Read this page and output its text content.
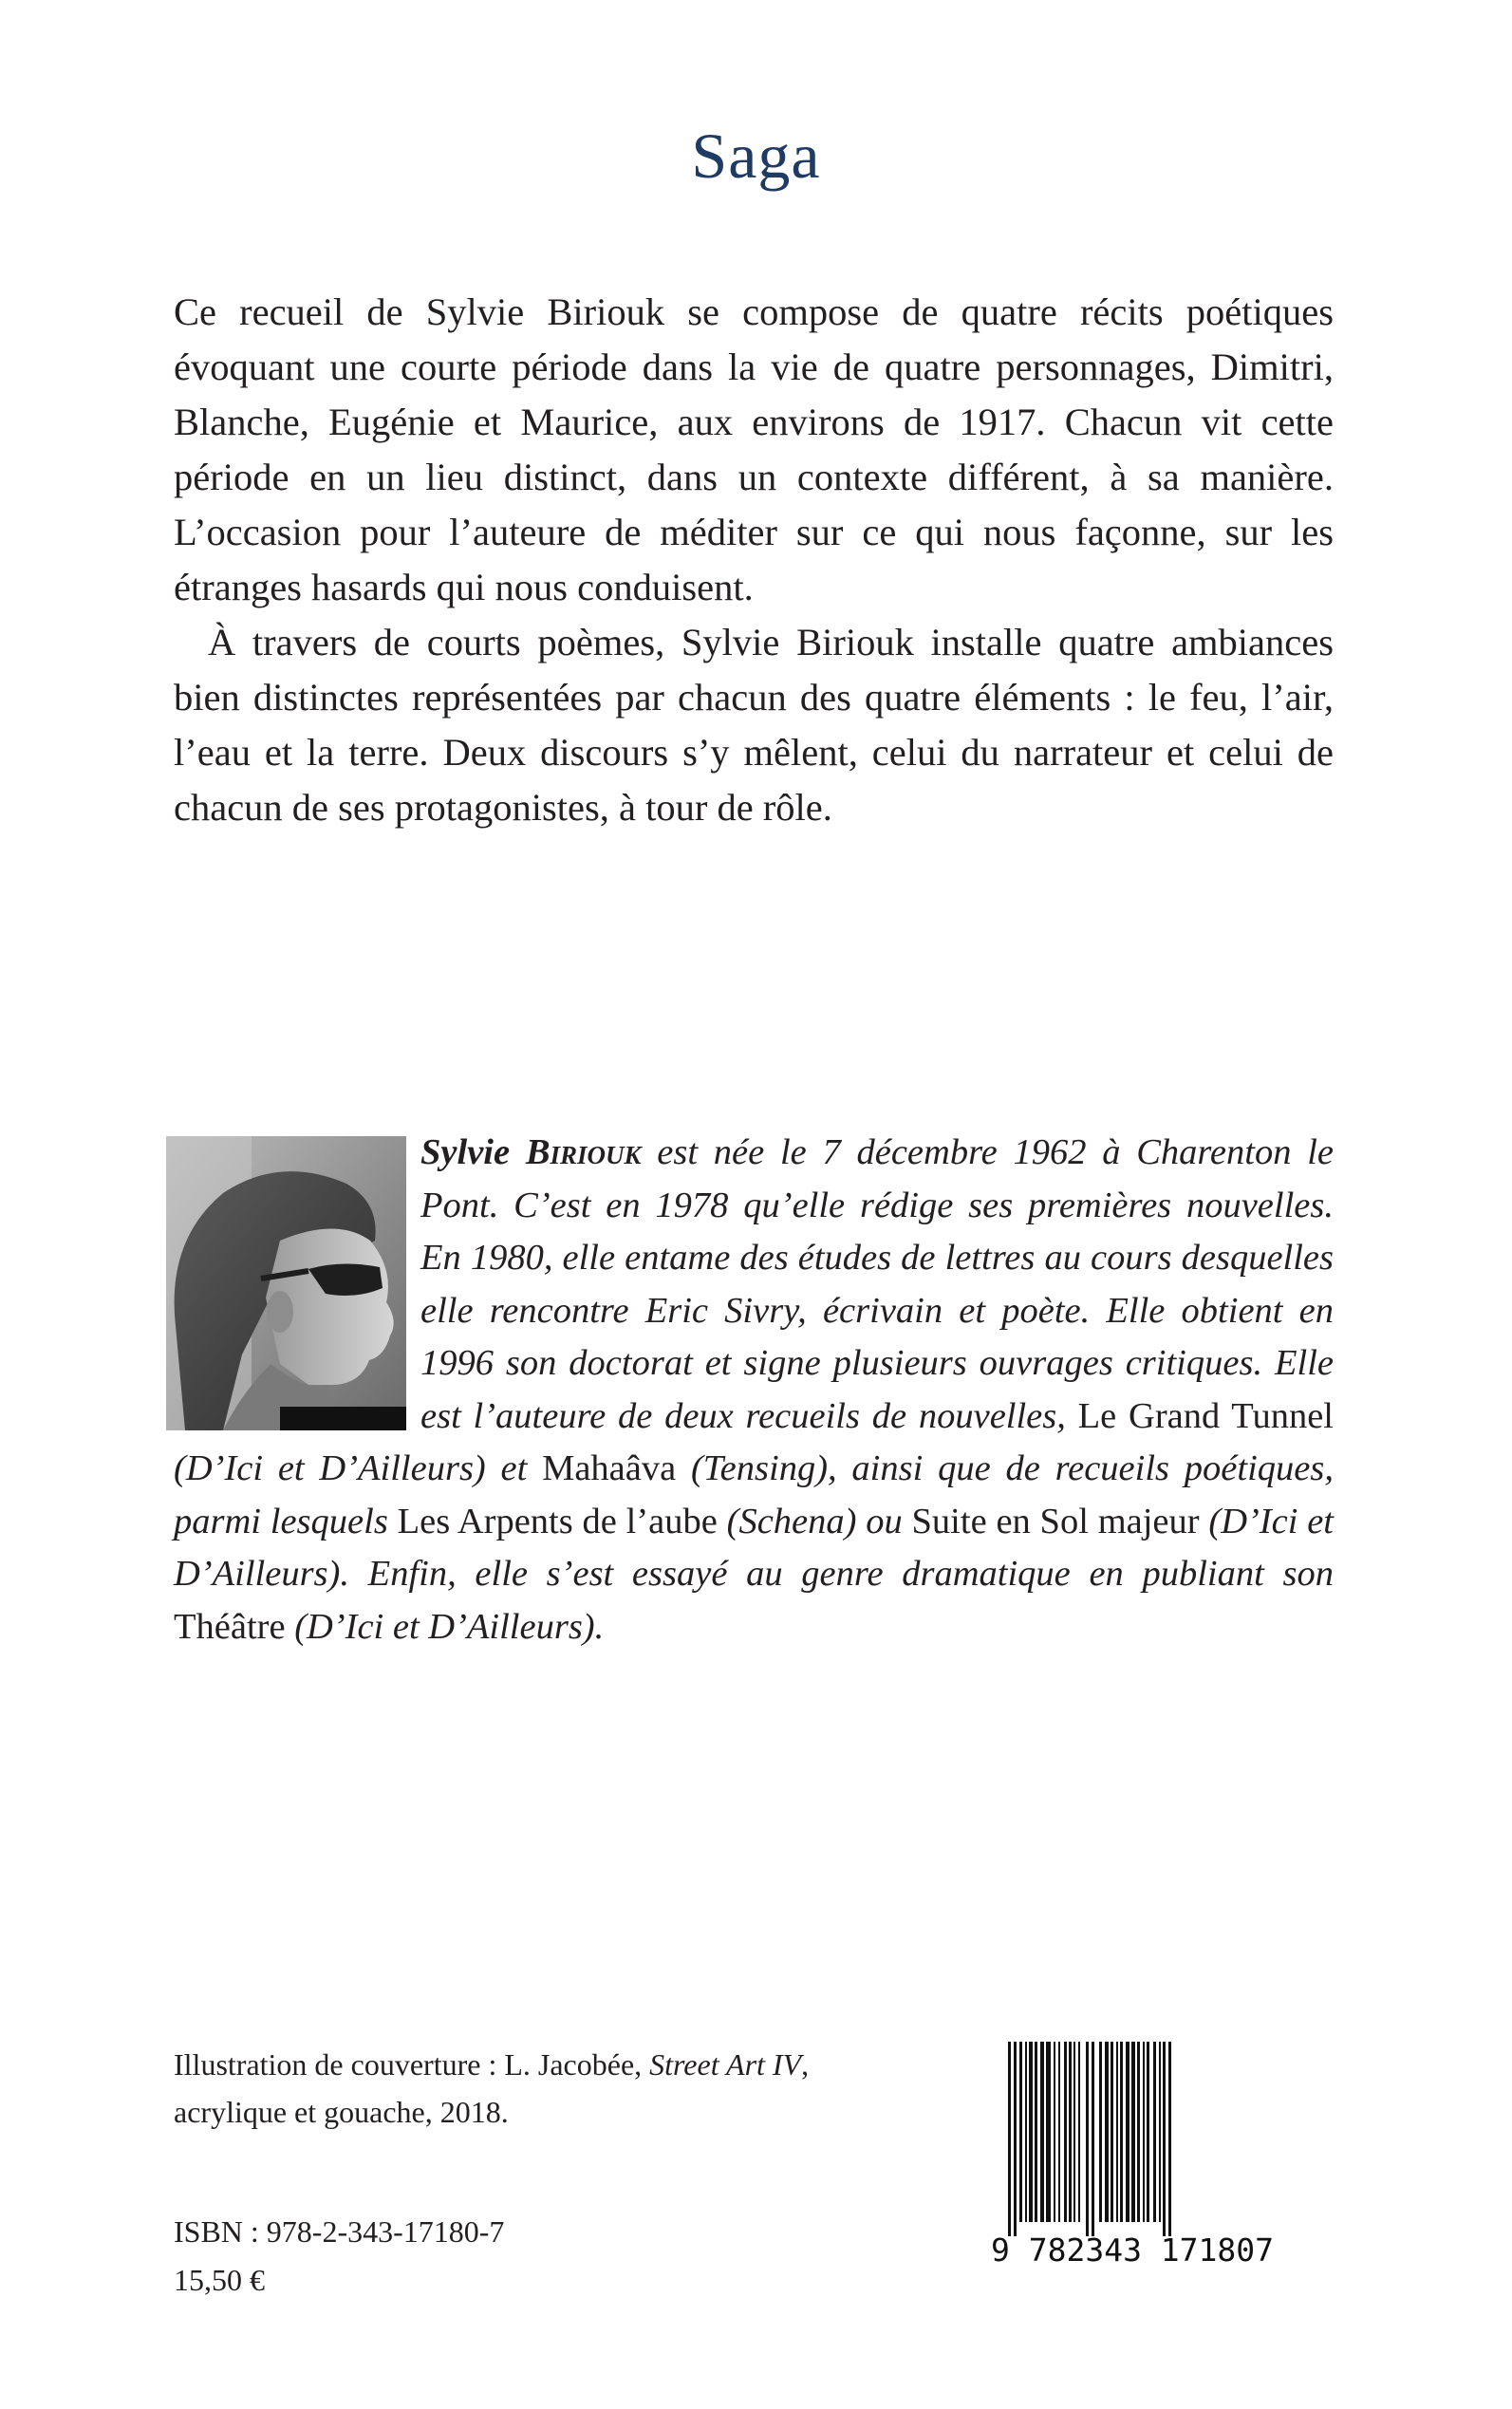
Saga

Ce recueil de Sylvie Biriouk se compose de quatre récits poétiques évoquant une courte période dans la vie de quatre personnages, Dimitri, Blanche, Eugénie et Maurice, aux environs de 1917. Chacun vit cette période en un lieu distinct, dans un contexte différent, à sa manière. L’occasion pour l’auteure de méditer sur ce qui nous façonne, sur les étranges hasards qui nous conduisent.

À travers de courts poèmes, Sylvie Biriouk installe quatre ambiances bien distinctes représentées par chacun des quatre éléments : le feu, l’air, l’eau et la terre. Deux discours s’y mêlent, celui du narrateur et celui de chacun de ses protagonistes, à tour de rôle.

Sylvie Biriouk est née le 7 décembre 1962 à Charenton le Pont. C’est en 1978 qu’elle rédige ses premières nouvelles. En 1980, elle entame des études de lettres au cours desquelles elle rencontre Eric Sivry, écrivain et poète. Elle obtient en 1996 son doctorat et signe plusieurs ouvrages critiques. Elle est l’auteure de deux recueils de nouvelles, Le Grand Tunnel (D’Ici et D’Ailleurs) et Mahaâva (Tensing), ainsi que de recueils poétiques, parmi lesquels Les Arpents de l’aube (Schena) ou Suite en Sol majeur (D’Ici et D’Ailleurs). Enfin, elle s’est essayé au genre dramatique en publiant son Théâtre (D’Ici et D’Ailleurs).
Illustration de couverture : L. Jacobée, Street Art IV,
acrylique et gouache, 2018.
ISBN : 978-2-343-17180-7
15,50 €
9 782343 171807
